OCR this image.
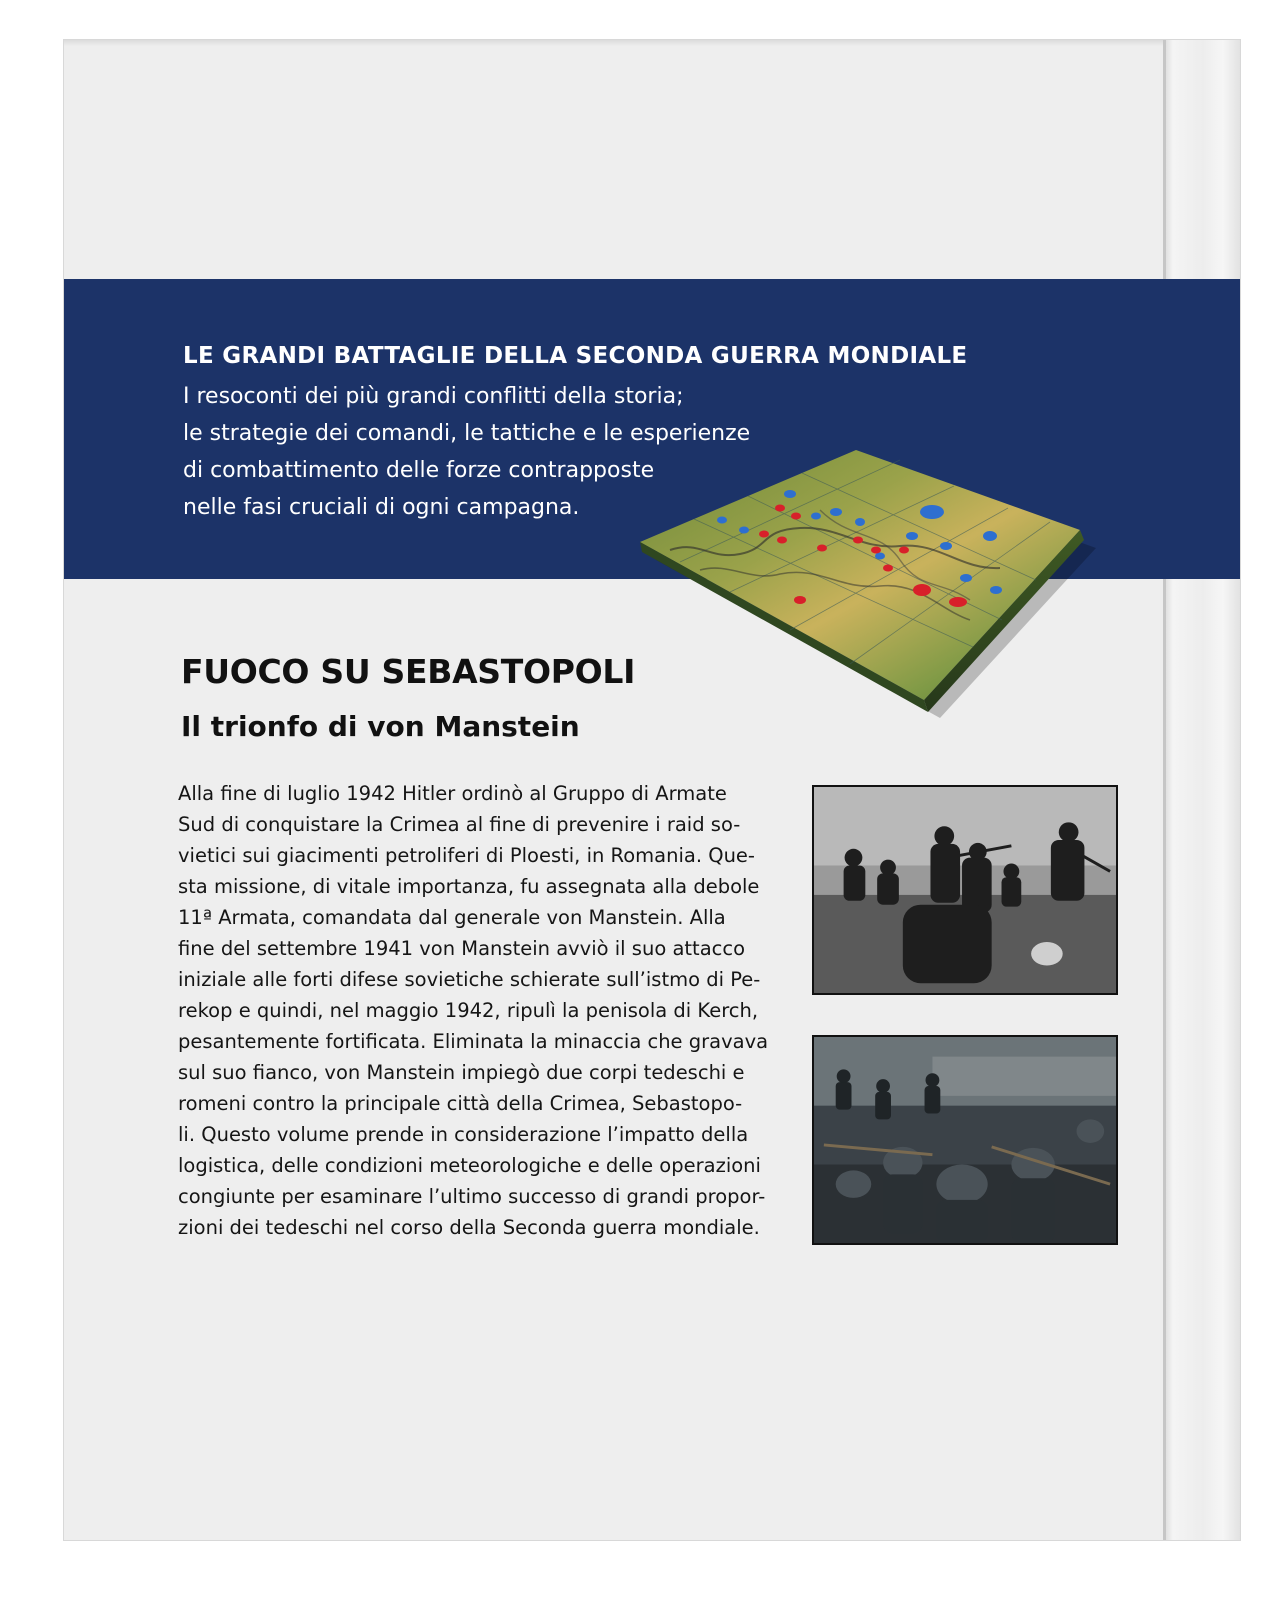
LE GRANDI BATTAGLIE DELLA SECONDA GUERRA MONDIALE

I resoconti dei più grandi conflitti della storia;
le strategie dei comandi, le tattiche e le esperienze
di combattimento delle forze contrapposte
nelle fasi cruciali di ogni campagna.

FUOCO SU SEBASTOPOLI
Il trionfo di von Manstein

Alla fine di luglio 1942 Hitler ordinò al Gruppo di Armate
Sud di conquistare la Crimea al fine di prevenire i raid so-
vietici sui giacimenti petroliferi di Ploesti, in Romania. Que-
sta missione, di vitale importanza, fu assegnata alla debole
11ª Armata, comandata dal generale von Manstein. Alla
fine del settembre 1941 von Manstein avviò il suo attacco
iniziale alle forti difese sovietiche schierate sull’istmo di Pe-
rekop e quindi, nel maggio 1942, ripulì la penisola di Kerch,
pesantemente fortificata. Eliminata la minaccia che gravava
sul suo fianco, von Manstein impiegò due corpi tedeschi e
romeni contro la principale città della Crimea, Sebastopo-
li. Questo volume prende in considerazione l’impatto della
logistica, delle condizioni meteorologiche e delle operazioni
congiunte per esaminare l’ultimo successo di grandi propor-
zioni dei tedeschi nel corso della Seconda guerra mondiale.
